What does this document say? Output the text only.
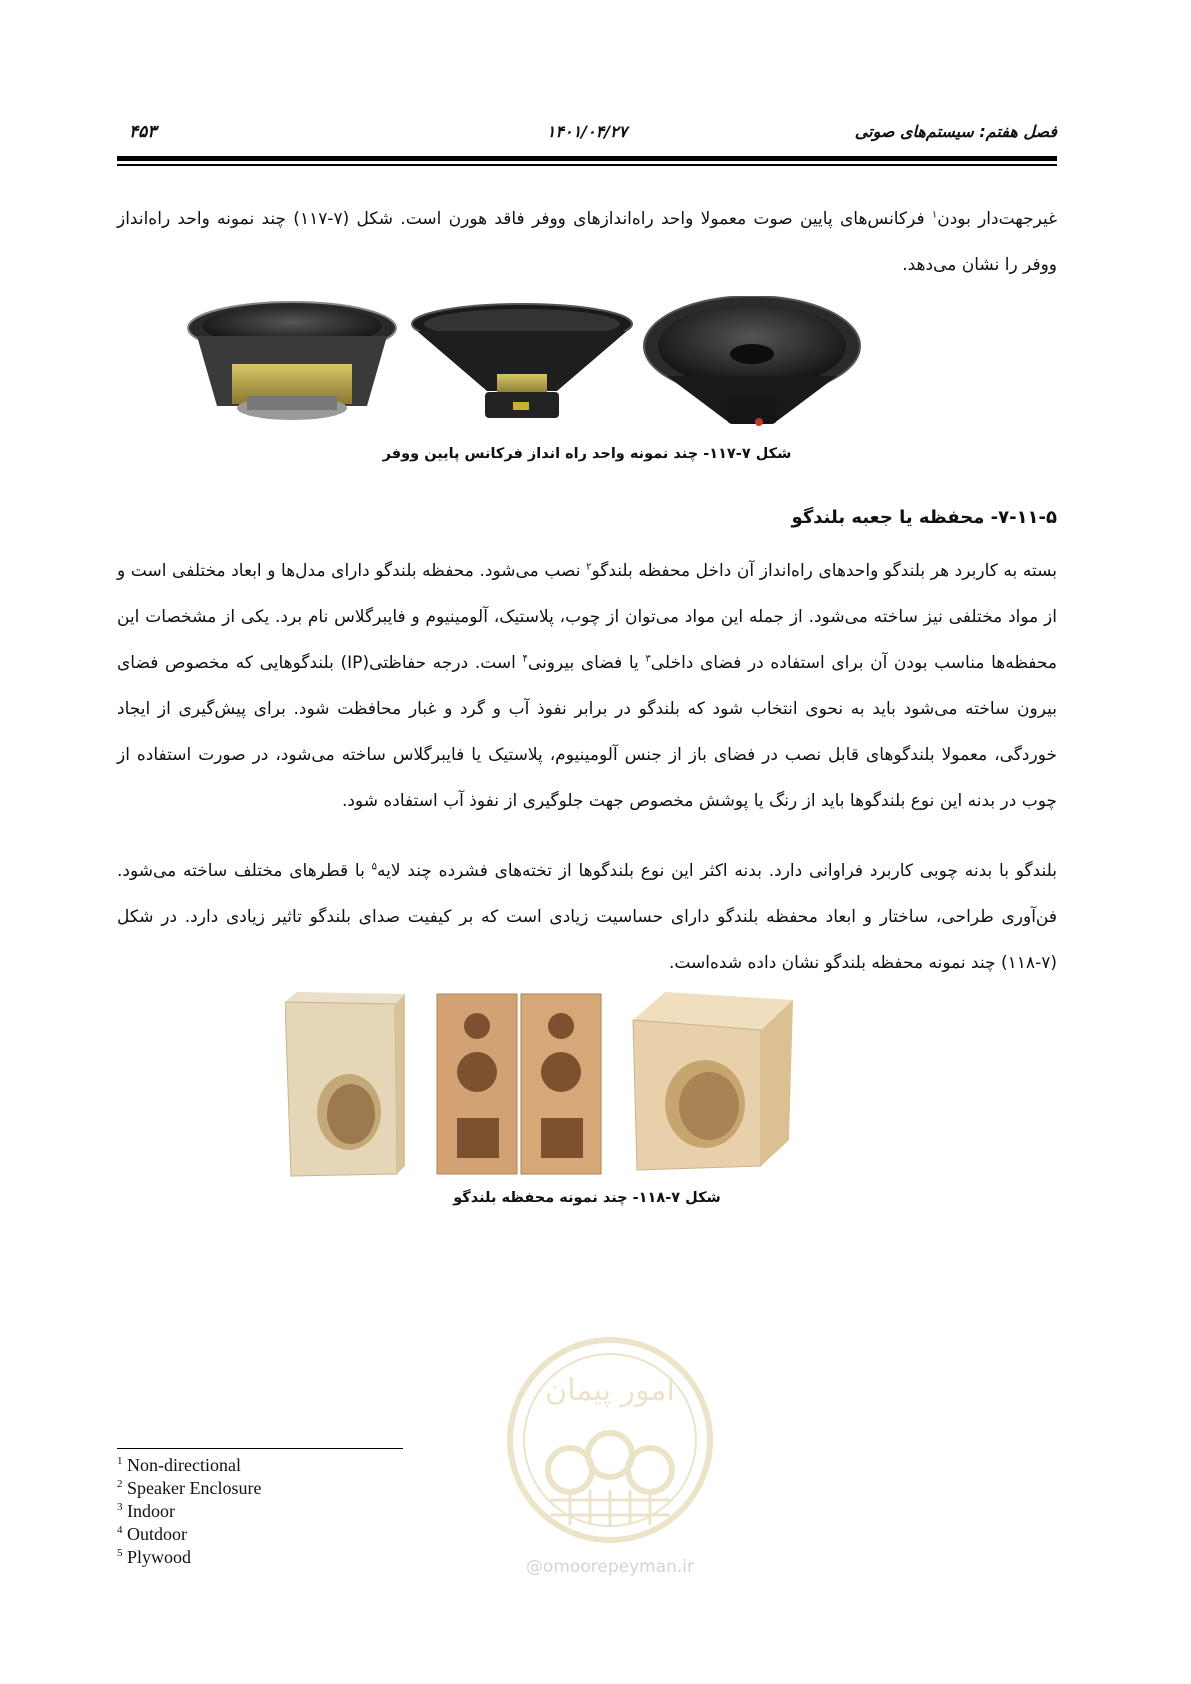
۴۵۳	۱۴۰۱/۰۴/۲۷	فصل هفتم: سیستم‌های صوتی
غیرجهت‌دار بودن$^۱$ فرکانس‌های پایین صوت معمولا واحد راه‌اندازهای ووفر فاقد هورن است. شکل (۷-۱۱۷) چند نمونه واحد راه‌انداز ووفر را نشان می‌دهد.
شکل ۷-۱۱۷- چند نمونه واحد راه انداز فرکانس پایین ووفر
۷-۱۱-۵- محفظه یا جعبه بلندگو
بسته به کاربرد هر بلندگو واحدهای راه‌انداز آن داخل محفظه بلندگو$^۲$ نصب می‌شود. محفظه بلندگو دارای مدل‌ها و ابعاد مختلفی است و از مواد مختلفی نیز ساخته می‌شود. از جمله این مواد می‌توان از چوب، پلاستیک، آلومینیوم و فایبرگلاس نام برد. یکی از مشخصات این محفظه‌ها مناسب بودن آن برای استفاده در فضای داخلی$^۳$ یا فضای بیرونی$^۴$ است. درجه حفاظتی(IP) بلندگوهایی که مخصوص فضای بیرون ساخته می‌شود باید به نحوی انتخاب شود که بلندگو در برابر نفوذ آب و گرد و غبار محافظت شود. برای پیش‌گیری از ایجاد خوردگی، معمولا بلندگوهای قابل نصب در فضای باز از جنس آلومینیوم، پلاستیک یا فایبرگلاس ساخته می‌شود، در صورت استفاده از چوب در بدنه این نوع بلندگوها باید از رنگ یا پوشش مخصوص جهت جلوگیری از نفوذ آب استفاده شود.
بلندگو با بدنه چوبی کاربرد فراوانی دارد. بدنه اکثر این نوع بلندگوها از تخته‌های فشرده چند لایه$^۵$ با قطرهای مختلف ساخته می‌شود. فن‌آوری طراحی، ساختار و ابعاد محفظه بلندگو دارای حساسیت زیادی است که بر کیفیت صدای بلندگو تاثیر زیادی دارد. در شکل (۷-۱۱۸) چند نمونه محفظه بلندگو نشان داده شده‌است.
شکل ۷-۱۱۸- چند نمونه محفظه بلندگو
امور پیمان
@omoorepeyman.ir
$^1$ Non-directional
$^2$ Speaker Enclosure
$^3$ Indoor
$^4$ Outdoor
$^5$ Plywood
